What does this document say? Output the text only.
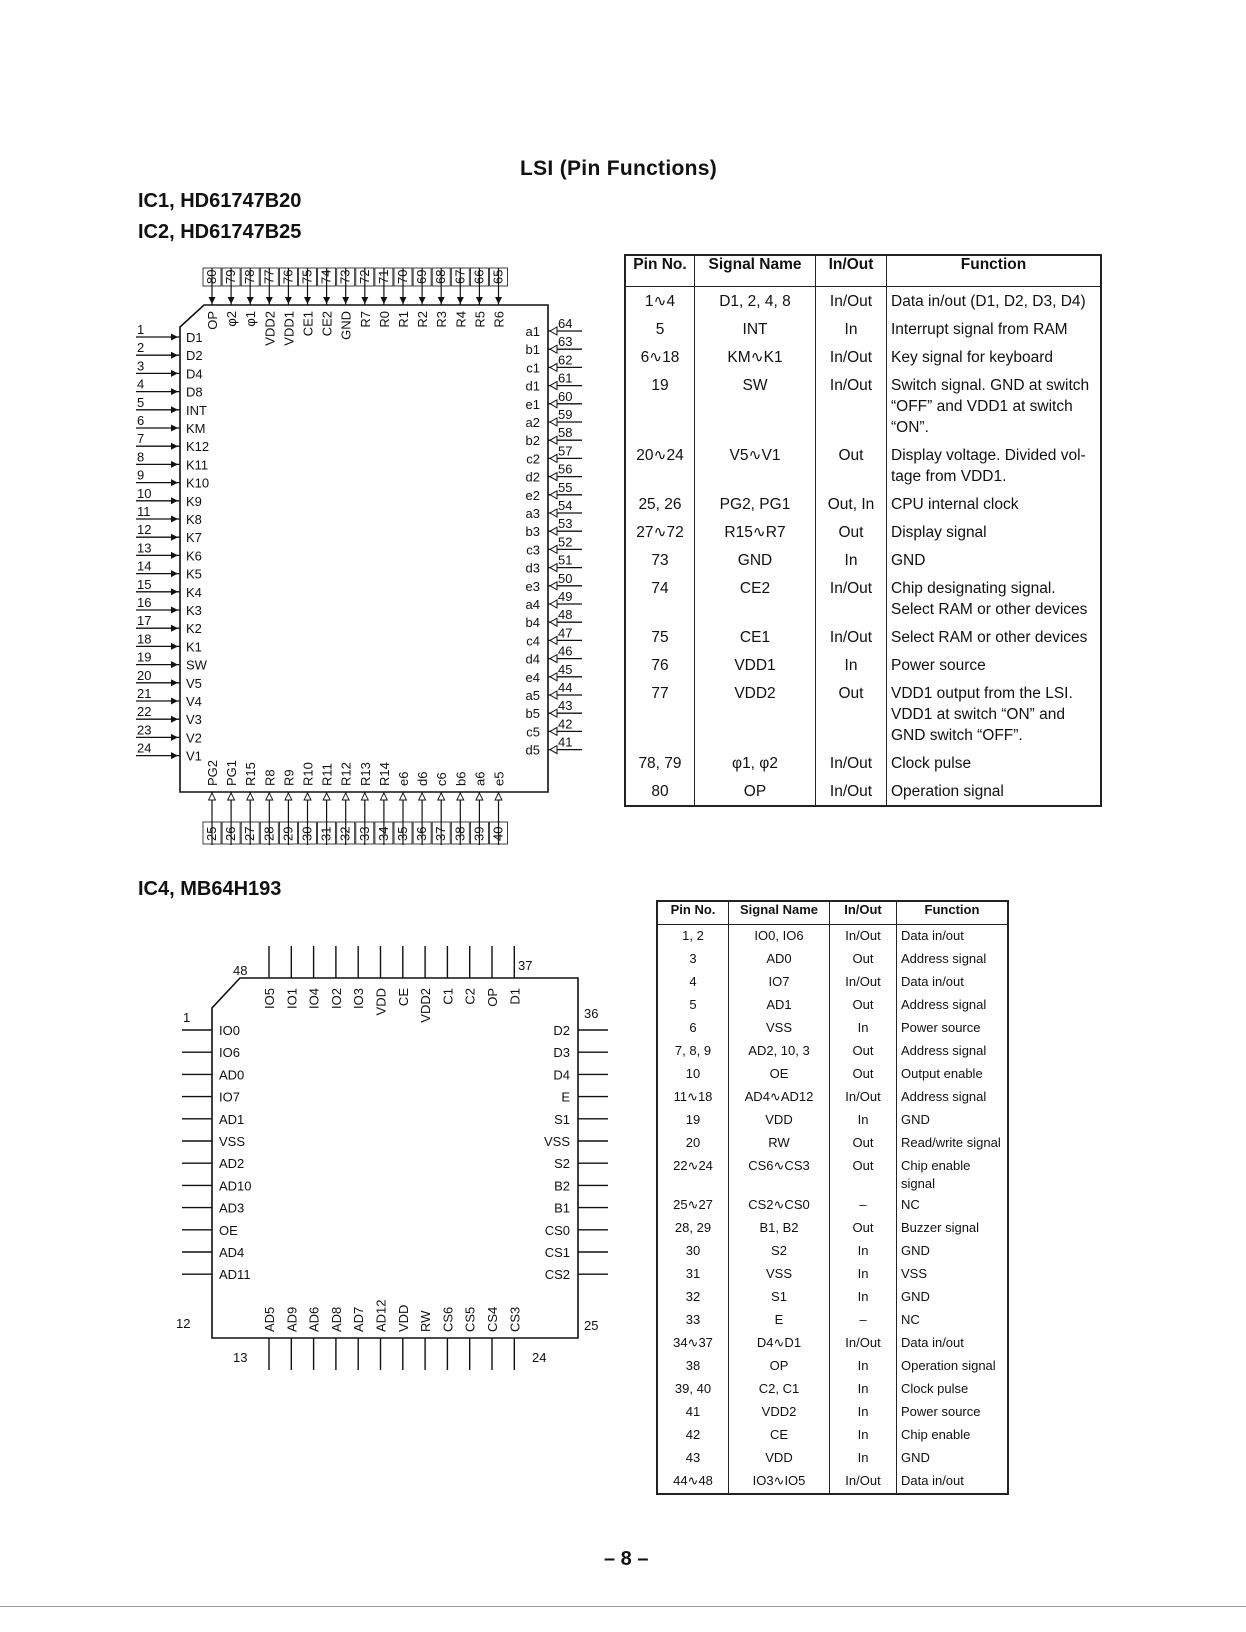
LSI (Pin Functions)
IC1, HD61747B20
IC2, HD61747B25
1
D1
2
D2
3
D4
4
D8
5
INT
6
KM
7
K12
8
K11
9
K10
10
K9
11
K8
12
K7
13
K6
14
K5
15
K4
16
K3
17
K2
18
K1
19
SW
20
V5
21
V4
22
V3
23
V2
24
V1
64
a1
63
b1
62
c1
61
d1
60
e1
59
a2
58
b2
57
c2
56
d2
55
e2
54
a3
53
b3
52
c3
51
d3
50
e3
49
a4
48
b4
47
c4
46
d4
45
e4
44
a5
43
b5
42
c5
41
d5
80
OP
79
φ2
78
φ1
77
VDD2
76
VDD1
75
CE1
74
CE2
73
GND
72
R7
71
R0
70
R1
69
R2
68
R3
67
R4
66
R5
65
R6
25
PG2
26
PG1
27
R15
28
R8
29
R9
30
R10
31
R11
32
R12
33
R13
34
R14
35
e6
36
d6
37
c6
38
b6
39
a6
40
e5
Pin No.	Signal Name	In/Out	Function
1∿4	D1, 2, 4, 8	In/Out	Data in/out (D1, D2, D3, D4)

5	INT	In	Interrupt signal from RAM

6∿18	KM∿K1	In/Out	Key signal for keyboard

19	SW	In/Out	Switch signal. GND at switch
“OFF” and VDD1 at switch
“ON”.

20∿24	V5∿V1	Out	Display voltage. Divided vol-
tage from VDD1.

25, 26	PG2, PG1	Out, In	CPU internal clock

27∿72	R15∿R7	Out	Display signal

73	GND	In	GND

74	CE2	In/Out	Chip designating signal.
Select RAM or other devices

75	CE1	In/Out	Select RAM or other devices

76	VDD1	In	Power source

77	VDD2	Out	VDD1 output from the LSI.
VDD1 at switch “ON” and
GND switch “OFF”.

78, 79	φ1, φ2	In/Out	Clock pulse

80	OP	In/Out	Operation signal
IC4, MB64H193
48	37
1	36
12	25
13	24
IO5 IO1 IO4 IO2 IO3 VDD CE VDD2 C1 C2 OP D1
AD5 AD9 AD6 AD8 AD7 AD12 VDD RW CS6 CS5 CS4 CS3
IO0
IO6
AD0
IO7
AD1
VSS
AD2
AD10
AD3
OE
AD4
AD11
D2
D3
D4
E
S1
VSS
S2
B2
B1
CS0
CS1
CS2
Pin No.	Signal Name	In/Out	Function
1, 2	IO0, IO6	In/Out	Data in/out
3	AD0	Out	Address signal
4	IO7	In/Out	Data in/out
5	AD1	Out	Address signal
6	VSS	In	Power source
7, 8, 9	AD2, 10, 3	Out	Address signal
10	OE	Out	Output enable
11∿18	AD4∿AD12	In/Out	Address signal
19	VDD	In	GND
20	RW	Out	Read/write signal
22∿24	CS6∿CS3	Out	Chip enable signal
25∿27	CS2∿CS0	–	NC
28, 29	B1, B2	Out	Buzzer signal
30	S2	In	GND
31	VSS	In	VSS
32	S1	In	GND
33	E	–	NC
34∿37	D4∿D1	In/Out	Data in/out
38	OP	In	Operation signal
39, 40	C2, C1	In	Clock pulse
41	VDD2	In	Power source
42	CE	In	Chip enable
43	VDD	In	GND
44∿48	IO3∿IO5	In/Out	Data in/out
– 8 –
